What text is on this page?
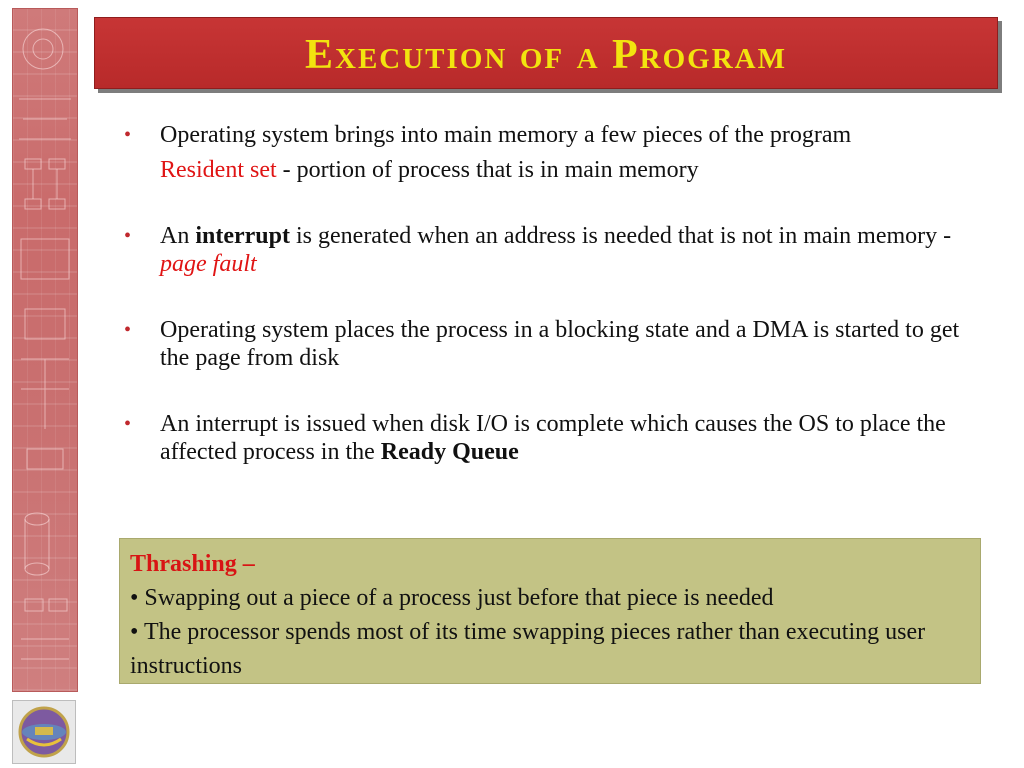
Execution of a Program
• Operating system brings into main memory a few pieces of the program
Resident set - portion of process that is in main memory
• An interrupt is generated when an address is needed that is not in main memory - page fault
• Operating system places the process in a blocking state and a DMA is started to get the page from disk
• An interrupt is issued when disk I/O is complete which causes the OS to place the affected process in the Ready Queue
Thrashing –
• Swapping out a piece of a process just before that piece is needed
• The processor spends most of its time swapping pieces rather than executing user instructions
